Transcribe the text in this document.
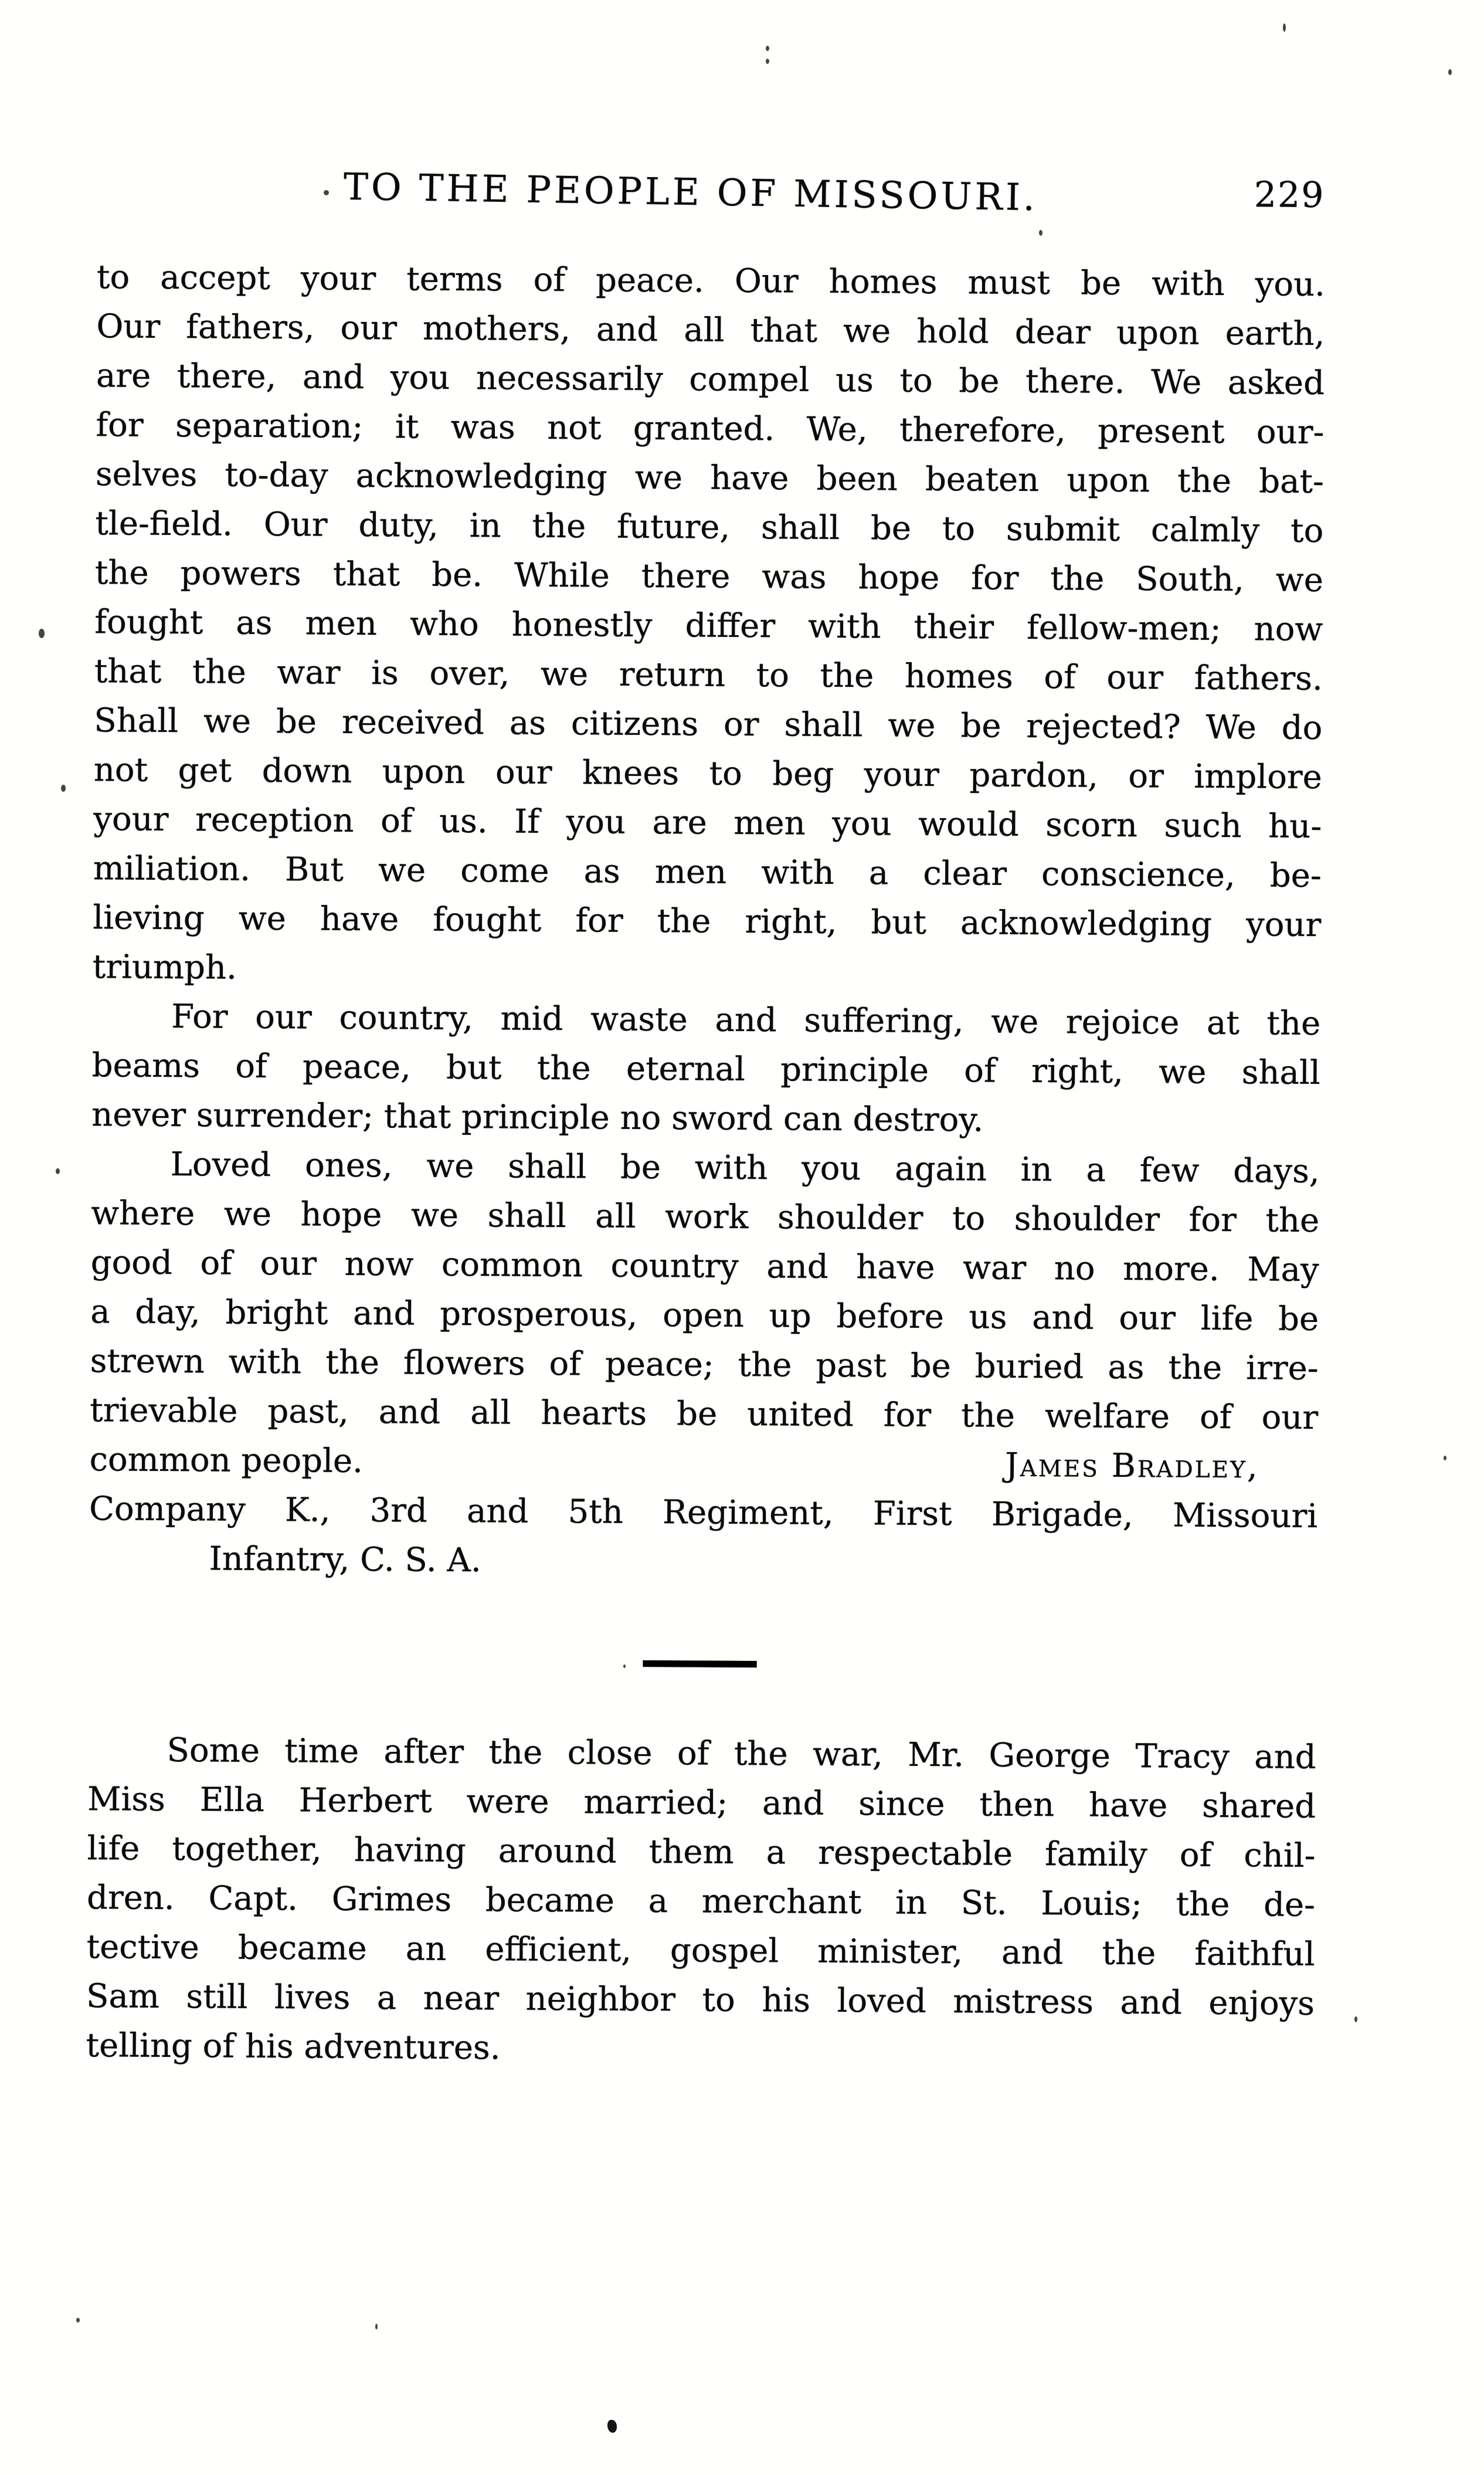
TO THE PEOPLE OF MISSOURI.	229
to accept your terms of peace. Our homes must be with you.
Our fathers, our mothers, and all that we hold dear upon earth,
are there, and you necessarily compel us to be there. We asked
for separation; it was not granted. We, therefore, present our-
selves to-day acknowledging we have been beaten upon the bat-
tle-field. Our duty, in the future, shall be to submit calmly to
the powers that be. While there was hope for the South, we
fought as men who honestly differ with their fellow-men; now
that the war is over, we return to the homes of our fathers.
Shall we be received as citizens or shall we be rejected? We do
not get down upon our knees to beg your pardon, or implore
your reception of us. If you are men you would scorn such hu-
miliation. But we come as men with a clear conscience, be-
lieving we have fought for the right, but acknowledging your
triumph.
For our country, mid waste and suffering, we rejoice at the
beams of peace, but the eternal principle of right, we shall
never surrender; that principle no sword can destroy.
Loved ones, we shall be with you again in a few days,
where we hope we shall all work shoulder to shoulder for the
good of our now common country and have war no more. May
a day, bright and prosperous, open up before us and our life be
strewn with the flowers of peace; the past be buried as the irre-
trievable past, and all hearts be united for the welfare of our
common people.	James Bradley,
Company K., 3rd and 5th Regiment, First Brigade, Missouri
Infantry, C. S. A.
Some time after the close of the war, Mr. George Tracy and
Miss Ella Herbert were married; and since then have shared
life together, having around them a respectable family of chil-
dren. Capt. Grimes became a merchant in St. Louis; the de-
tective became an efficient, gospel minister, and the faithful
Sam still lives a near neighbor to his loved mistress and enjoys
telling of his adventures.
